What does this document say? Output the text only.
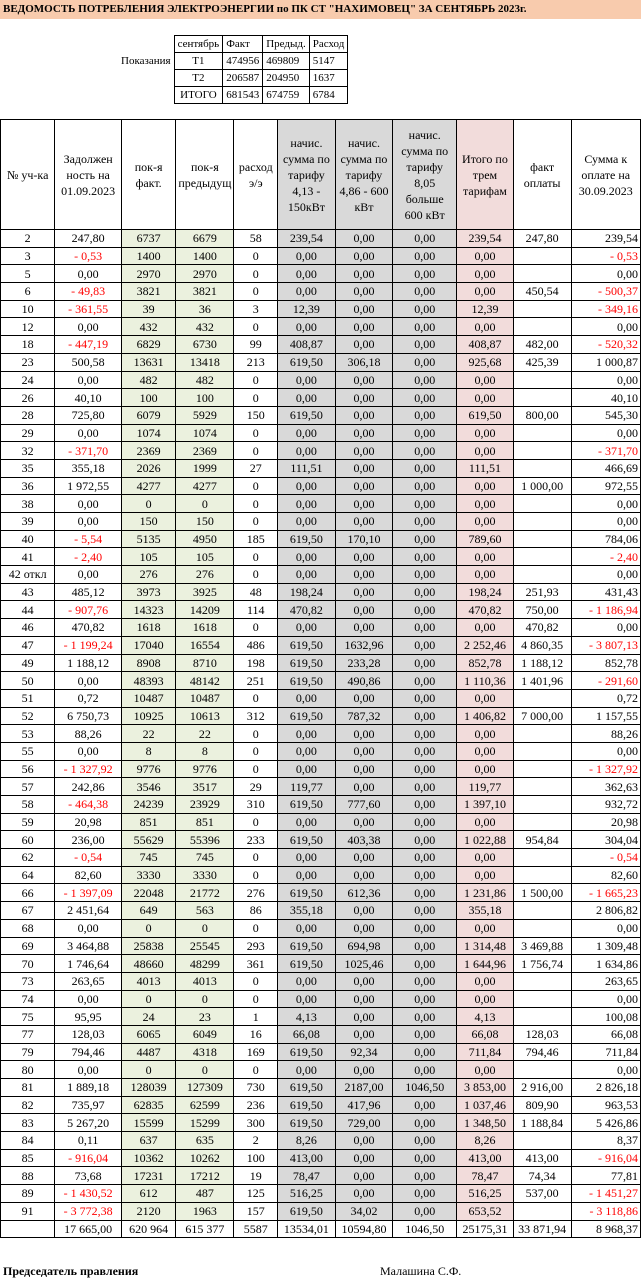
ВЕДОМОСТЬ ПОТРЕБЛЕНИЯ ЭЛЕКТРОЭНЕРГИИ по ПК СТ "НАХИМОВЕЦ" ЗА СЕНТЯБРЬ 2023г.
	сентябрь	Факт	Предыд.	Расход
Показания	Т1	474956	469809	5147
	Т2	206587	204950	1637
	ИТОГО	681543	674759	6784
№ уч-ка	Задолжен ность на 01.09.2023	пок-я факт.	пок-я предыдущ	расход э/э	начис. сумма по тарифу 4,13 - 150кВт	начис. сумма по тарифу 4,86 - 600 кВт	начис. сумма по тарифу 8,05 больше 600 кВт	Итого по трем тарифам	факт оплаты	Сумма к оплате на 30.09.2023
2	247,80	6737	6679	58	239,54	0,00	0,00	239,54	247,80	239,54
3	- 0,53	1400	1400	0	0,00	0,00	0,00	0,00		- 0,53
5	0,00	2970	2970	0	0,00	0,00	0,00	0,00		0,00
6	- 49,83	3821	3821	0	0,00	0,00	0,00	0,00	450,54	- 500,37
10	- 361,55	39	36	3	12,39	0,00	0,00	12,39		- 349,16
12	0,00	432	432	0	0,00	0,00	0,00	0,00		0,00
18	- 447,19	6829	6730	99	408,87	0,00	0,00	408,87	482,00	- 520,32
23	500,58	13631	13418	213	619,50	306,18	0,00	925,68	425,39	1 000,87
24	0,00	482	482	0	0,00	0,00	0,00	0,00		0,00
26	40,10	100	100	0	0,00	0,00	0,00	0,00		40,10
28	725,80	6079	5929	150	619,50	0,00	0,00	619,50	800,00	545,30
29	0,00	1074	1074	0	0,00	0,00	0,00	0,00		0,00
32	- 371,70	2369	2369	0	0,00	0,00	0,00	0,00		- 371,70
35	355,18	2026	1999	27	111,51	0,00	0,00	111,51		466,69
36	1 972,55	4277	4277	0	0,00	0,00	0,00	0,00	1 000,00	972,55
38	0,00	0	0	0	0,00	0,00	0,00	0,00		0,00
39	0,00	150	150	0	0,00	0,00	0,00	0,00		0,00
40	- 5,54	5135	4950	185	619,50	170,10	0,00	789,60		784,06
41	- 2,40	105	105	0	0,00	0,00	0,00	0,00		- 2,40
42 откл	0,00	276	276	0	0,00	0,00	0,00	0,00		0,00
43	485,12	3973	3925	48	198,24	0,00	0,00	198,24	251,93	431,43
44	- 907,76	14323	14209	114	470,82	0,00	0,00	470,82	750,00	- 1 186,94
46	470,82	1618	1618	0	0,00	0,00	0,00	0,00	470,82	0,00
47	- 1 199,24	17040	16554	486	619,50	1632,96	0,00	2 252,46	4 860,35	- 3 807,13
49	1 188,12	8908	8710	198	619,50	233,28	0,00	852,78	1 188,12	852,78
50	0,00	48393	48142	251	619,50	490,86	0,00	1 110,36	1 401,96	- 291,60
51	0,72	10487	10487	0	0,00	0,00	0,00	0,00		0,72
52	6 750,73	10925	10613	312	619,50	787,32	0,00	1 406,82	7 000,00	1 157,55
53	88,26	22	22	0	0,00	0,00	0,00	0,00		88,26
55	0,00	8	8	0	0,00	0,00	0,00	0,00		0,00
56	- 1 327,92	9776	9776	0	0,00	0,00	0,00	0,00		- 1 327,92
57	242,86	3546	3517	29	119,77	0,00	0,00	119,77		362,63
58	- 464,38	24239	23929	310	619,50	777,60	0,00	1 397,10		932,72
59	20,98	851	851	0	0,00	0,00	0,00	0,00		20,98
60	236,00	55629	55396	233	619,50	403,38	0,00	1 022,88	954,84	304,04
62	- 0,54	745	745	0	0,00	0,00	0,00	0,00		- 0,54
64	82,60	3330	3330	0	0,00	0,00	0,00	0,00		82,60
66	- 1 397,09	22048	21772	276	619,50	612,36	0,00	1 231,86	1 500,00	- 1 665,23
67	2 451,64	649	563	86	355,18	0,00	0,00	355,18		2 806,82
68	0,00	0	0	0	0,00	0,00	0,00	0,00		0,00
69	3 464,88	25838	25545	293	619,50	694,98	0,00	1 314,48	3 469,88	1 309,48
70	1 746,64	48660	48299	361	619,50	1025,46	0,00	1 644,96	1 756,74	1 634,86
73	263,65	4013	4013	0	0,00	0,00	0,00	0,00		263,65
74	0,00	0	0	0	0,00	0,00	0,00	0,00		0,00
75	95,95	24	23	1	4,13	0,00	0,00	4,13		100,08
77	128,03	6065	6049	16	66,08	0,00	0,00	66,08	128,03	66,08
79	794,46	4487	4318	169	619,50	92,34	0,00	711,84	794,46	711,84
80	0,00	0	0	0	0,00	0,00	0,00	0,00		0,00
81	1 889,18	128039	127309	730	619,50	2187,00	1046,50	3 853,00	2 916,00	2 826,18
82	735,97	62835	62599	236	619,50	417,96	0,00	1 037,46	809,90	963,53
83	5 267,20	15599	15299	300	619,50	729,00	0,00	1 348,50	1 188,84	5 426,86
84	0,11	637	635	2	8,26	0,00	0,00	8,26		8,37
85	- 916,04	10362	10262	100	413,00	0,00	0,00	413,00	413,00	- 916,04
88	73,68	17231	17212	19	78,47	0,00	0,00	78,47	74,34	77,81
89	- 1 430,52	612	487	125	516,25	0,00	0,00	516,25	537,00	- 1 451,27
91	- 3 772,38	2120	1963	157	619,50	34,02	0,00	653,52		- 3 118,86
	17 665,00	620 964	615 377	5587	13534,01	10594,80	1046,50	25175,31	33 871,94	8 968,37
Председатель правления	Малашина С.Ф.
